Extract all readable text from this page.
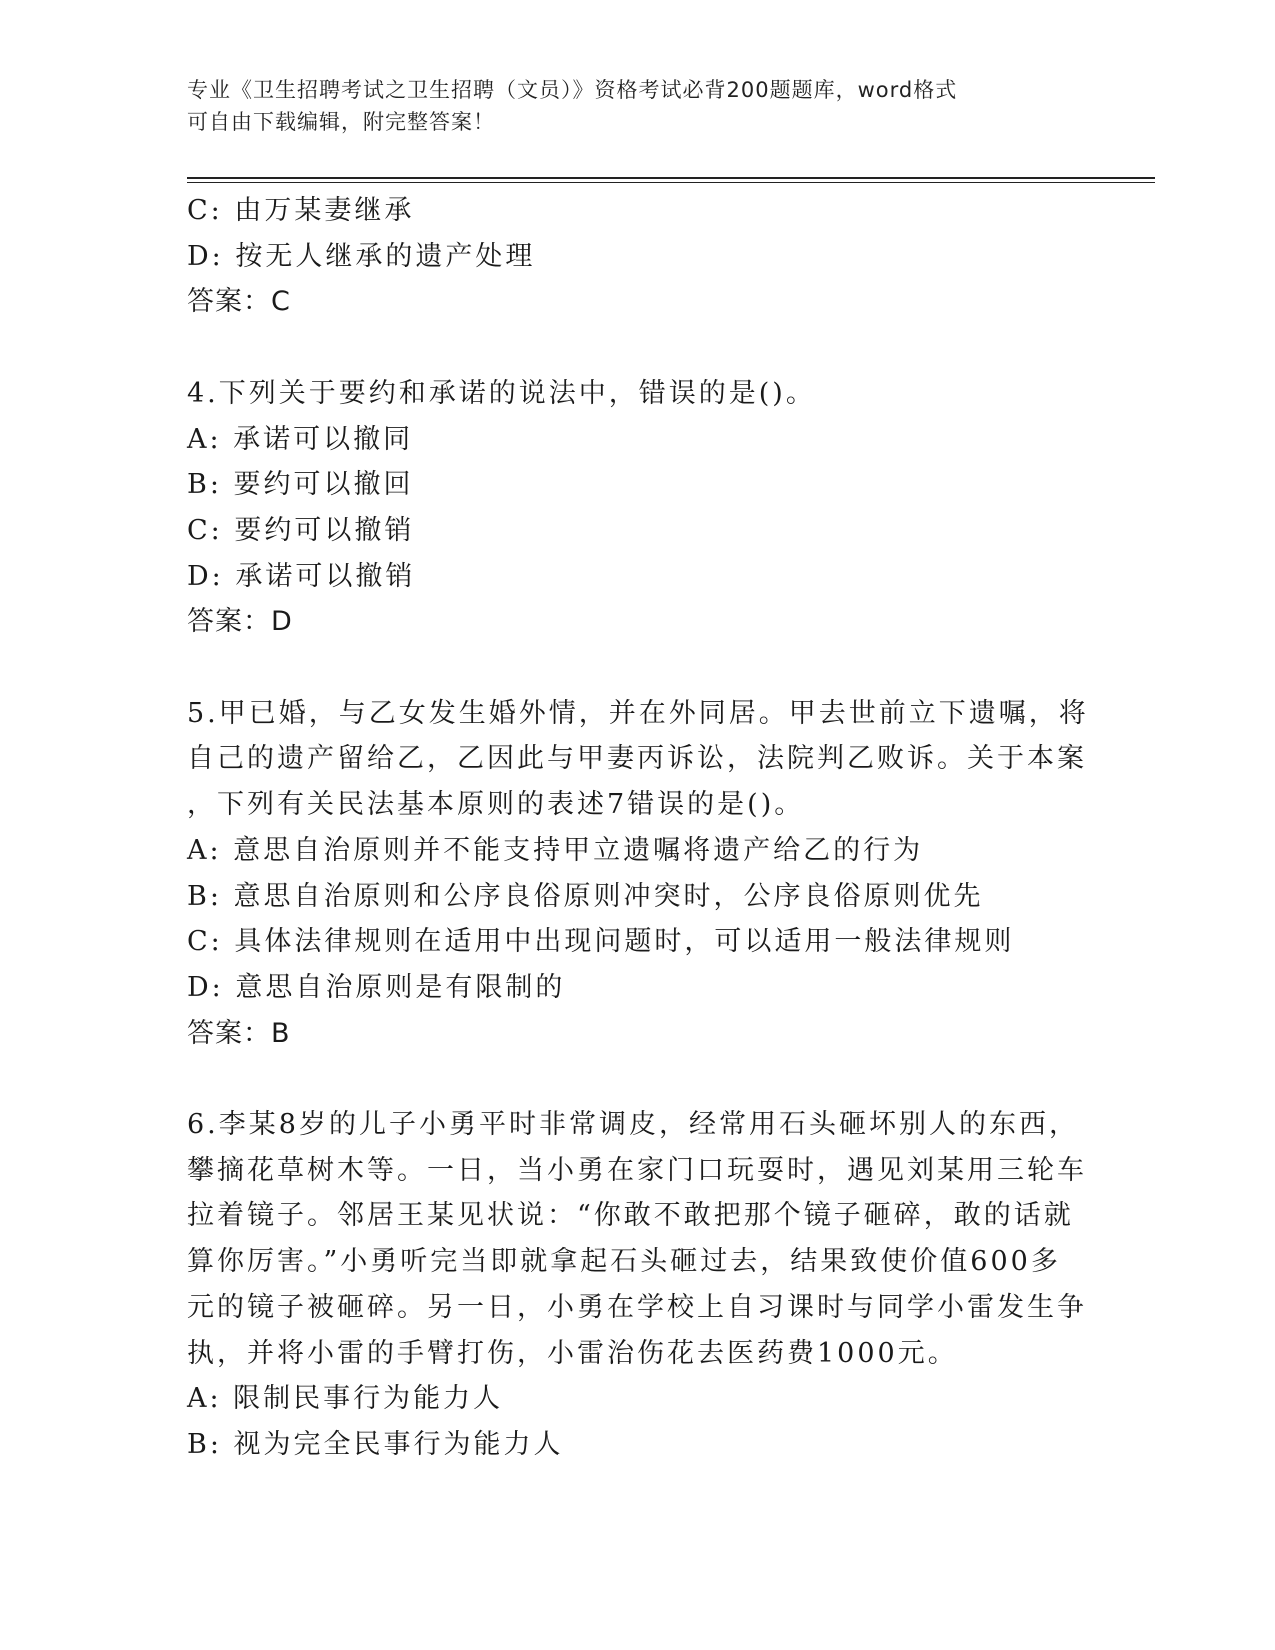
专业《卫生招聘考试之卫生招聘（文员）》资格考试必背200题题库，word格式
可自由下载编辑，附完整答案！
C: 由万某妻继承
D: 按无人继承的遗产处理
答案：C
4.下列关于要约和承诺的说法中，错误的是()。
A: 承诺可以撤同
B: 要约可以撤回
C: 要约可以撤销
D: 承诺可以撤销
答案：D
5.甲已婚，与乙女发生婚外情，并在外同居。甲去世前立下遗嘱，将
自己的遗产留给乙，乙因此与甲妻丙诉讼，法院判乙败诉。关于本案
，下列有关民法基本原则的表述7错误的是()。
A: 意思自治原则并不能支持甲立遗嘱将遗产给乙的行为
B: 意思自治原则和公序良俗原则冲突时，公序良俗原则优先
C: 具体法律规则在适用中出现问题时，可以适用一般法律规则
D: 意思自治原则是有限制的
答案：B
6.李某8岁的儿子小勇平时非常调皮，经常用石头砸坏别人的东西，
攀摘花草树木等。一日，当小勇在家门口玩耍时，遇见刘某用三轮车
拉着镜子。邻居王某见状说：“你敢不敢把那个镜子砸碎，敢的话就
算你厉害。”小勇听完当即就拿起石头砸过去，结果致使价值600多
元的镜子被砸碎。另一日，小勇在学校上自习课时与同学小雷发生争
执，并将小雷的手臂打伤，小雷治伤花去医药费1000元。
A: 限制民事行为能力人
B: 视为完全民事行为能力人
